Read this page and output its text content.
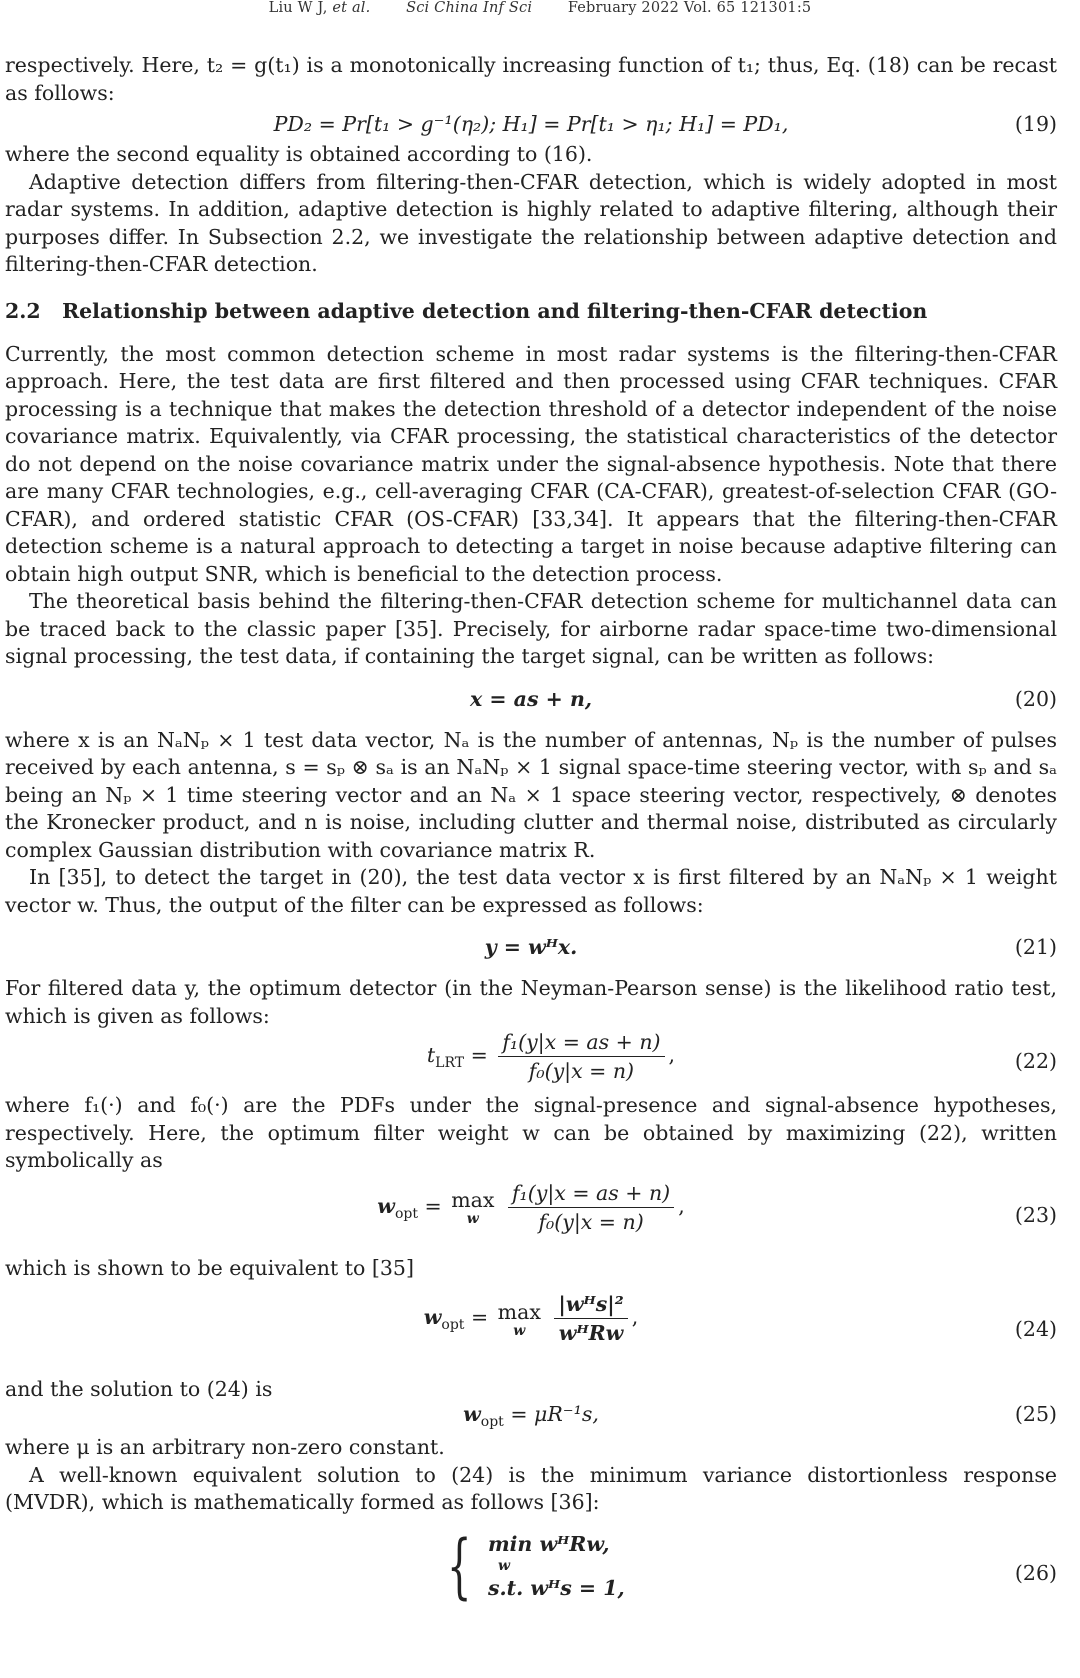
Liu W J, et al. Sci China Inf Sci February 2022 Vol. 65 121301:5

respectively. Here, t₂ = g(t₁) is a monotonically increasing function of t₁; thus, Eq. (18) can be recast as follows:

PD₂ = Pr[t₁ > g⁻¹(η₂); H₁] = Pr[t₁ > η₁; H₁] = PD₁,	(19)

where the second equality is obtained according to (16).

Adaptive detection differs from filtering-then-CFAR detection, which is widely adopted in most radar systems. In addition, adaptive detection is highly related to adaptive filtering, although their purposes differ. In Subsection 2.2, we investigate the relationship between adaptive detection and filtering-then-CFAR detection.

2.2 Relationship between adaptive detection and filtering-then-CFAR detection

Currently, the most common detection scheme in most radar systems is the filtering-then-CFAR approach. Here, the test data are first filtered and then processed using CFAR techniques. CFAR processing is a technique that makes the detection threshold of a detector independent of the noise covariance matrix. Equivalently, via CFAR processing, the statistical characteristics of the detector do not depend on the noise covariance matrix under the signal-absence hypothesis. Note that there are many CFAR technologies, e.g., cell-averaging CFAR (CA-CFAR), greatest-of-selection CFAR (GO-CFAR), and ordered statistic CFAR (OS-CFAR) [33,34]. It appears that the filtering-then-CFAR detection scheme is a natural approach to detecting a target in noise because adaptive filtering can obtain high output SNR, which is beneficial to the detection process.

The theoretical basis behind the filtering-then-CFAR detection scheme for multichannel data can be traced back to the classic paper [35]. Precisely, for airborne radar space-time two-dimensional signal processing, the test data, if containing the target signal, can be written as follows:

x = as + n,	(20)

where x is an NₐNₚ × 1 test data vector, Nₐ is the number of antennas, Nₚ is the number of pulses received by each antenna, s = sₚ ⊗ sₐ is an NₐNₚ × 1 signal space-time steering vector, with sₚ and sₐ being an Nₚ × 1 time steering vector and an Nₐ × 1 space steering vector, respectively, ⊗ denotes the Kronecker product, and n is noise, including clutter and thermal noise, distributed as circularly complex Gaussian distribution with covariance matrix R.

In [35], to detect the target in (20), the test data vector x is first filtered by an NₐNₚ × 1 weight vector w. Thus, the output of the filter can be expressed as follows:

y = wᴴx.	(21)

For filtered data y, the optimum detector (in the Neyman-Pearson sense) is the likelihood ratio test, which is given as follows:

$t_{LRT} = \frac{\text{f₁(y|x = as + n)}}{\text{f₀(y|x = n)}}$ ,	(22)

where f₁(·) and f₀(·) are the PDFs under the signal-presence and signal-absence hypotheses, respectively. Here, the optimum filter weight w can be obtained by maximizing (22), written symbolically as

$w_{opt} = \max$
w
$\frac{\text{f₁(y|x = as + n)}}{\text{f₀(y|x = n)}}$ ,	(23)

which is shown to be equivalent to [35]

$w_{opt} = \max$
w
$\frac{\text{|wᴴs|²}}{\text{wᴴRw}}$ ,	(24)

and the solution to (24) is

$w_{opt} = \mu R^{-1}s$,	(25)

where μ is an arbitrary non-zero constant.

A well-known equivalent solution to (24) is the minimum variance distortionless response (MVDR), which is mathematically formed as follows [36]:

{ min wᴴRw,
w
s.t. wᴴs = 1,
(26)
